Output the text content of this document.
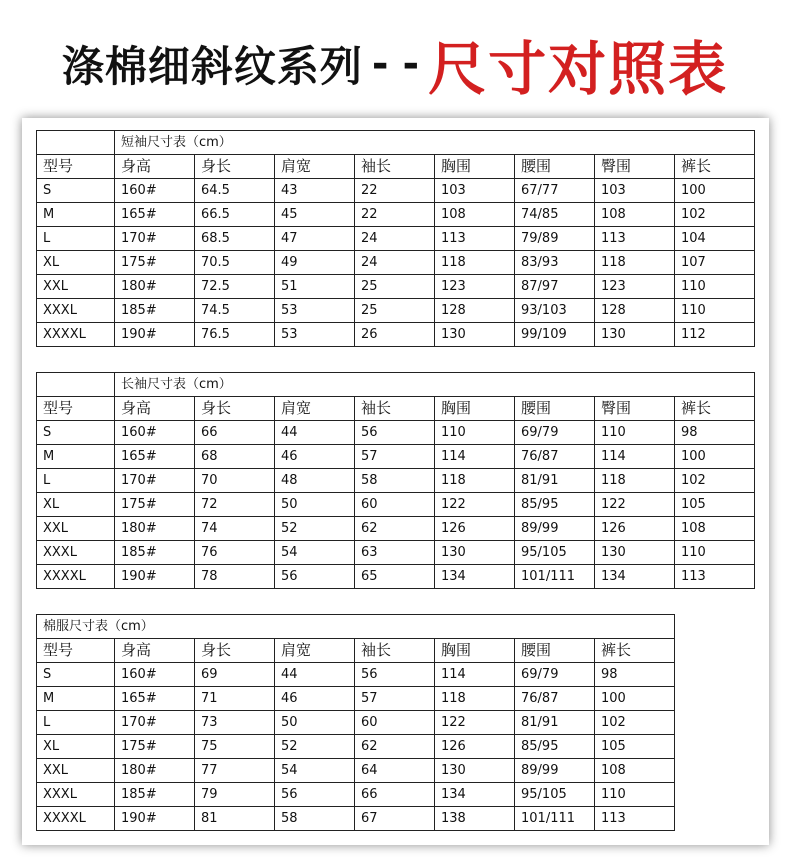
涤棉细斜纹系列 - - 尺寸对照表
	短袖尺寸表（cm）							
型号	身高	身长	肩宽	袖长	胸围	腰围	臀围	裤长
S	160#	64.5	43	22	103	67/77	103	100
M	165#	66.5	45	22	108	74/85	108	102
L	170#	68.5	47	24	113	79/89	113	104
XL	175#	70.5	49	24	118	83/93	118	107
XXL	180#	72.5	51	25	123	87/97	123	110
XXXL	185#	74.5	53	25	128	93/103	128	110
XXXXL	190#	76.5	53	26	130	99/109	130	112
	长袖尺寸表（cm）							
型号	身高	身长	肩宽	袖长	胸围	腰围	臀围	裤长
S	160#	66	44	56	110	69/79	110	98
M	165#	68	46	57	114	76/87	114	100
L	170#	70	48	58	118	81/91	118	102
XL	175#	72	50	60	122	85/95	122	105
XXL	180#	74	52	62	126	89/99	126	108
XXXL	185#	76	54	63	130	95/105	130	110
XXXXL	190#	78	56	65	134	101/111	134	113
棉服尺寸表（cm）							
型号	身高	身长	肩宽	袖长	胸围	腰围	裤长
S	160#	69	44	56	114	69/79	98
M	165#	71	46	57	118	76/87	100
L	170#	73	50	60	122	81/91	102
XL	175#	75	52	62	126	85/95	105
XXL	180#	77	54	64	130	89/99	108
XXXL	185#	79	56	66	134	95/105	110
XXXXL	190#	81	58	67	138	101/111	113
